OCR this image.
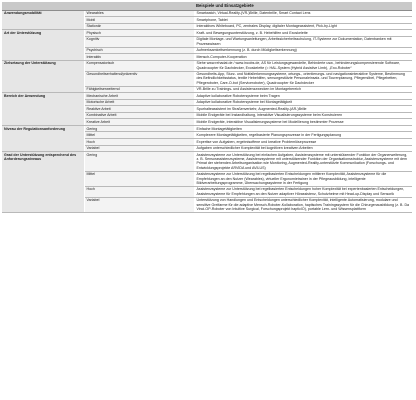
		Beispiele und Einsatzgebiete
Anwendungsmobilität	Wearables	Smartwatch, Virtual-Reality-(VR-)Brille, Datenbrille, Smart Contact Lens
	Mobil	Smartphone, Tablet
	Stationär	Interaktives Whiteboard, PC, zentrales Display, digitaler Montageassistent, Pick-by-Light
Art der Unterstützung	Physisch	Kraft- und Bewegungsunterstützung, z. B. Hebehilfen und Exoskelette
	Kognitiv	Digitale Montage- und Wartungsanleitungen, Arbeitssicherheitsschulung, IT-Systeme zur Dokumentation, Datenbanken mit Prozesswissen
	Psychisch	Aufmerksamkeitserkennung (z. B. durch Müdigkeitserkennung)
	Interaktiv	Mensch-Computer-Kooperation
Zielsetzung der Unterstützung	Kompensatorisch	Siehe www.rehadat.de / www.incobs.de, AS für Leistungsgewandelte, Behinderte usw., behinderungskompensierende Software, Quadrocopter für Dachdecker, Exoskelette (= HAL-System (Hybrid Assistive Limb), „Exo-Roboter“
	Gesundheitserhaltend/präventiv	Gesundheits-App, Sturz- und Notfallerkennungssysteme, ortungs-, orientierungs- und navigationsinteraktive Systeme, Bestimmung des Befindlichkeitsstatus, textile Hebehilfen, sensorgestützte Personaleinsatz- und Tourenplanung, Pflegemöbel, Pflegebetten, Pflegeroboter, Care-O-bot (Serviceroboter), Quadrocopter für Dachdecker
	Fähigkeitserweiternd	VR-Brille zu Trainings- und Assistenzzwecken im Montagebereich
Bereich der Anwendung	Mechanische Arbeit	Adaptive kollaborative Robotersysteme beim Tragen
	Motorische Arbeit	Adaptive kollaborative Robotersysteme bei Montagetätigkeit
	Reaktive Arbeit	Spurhalteassistent im Straßenverkehr, Augmented-Reality-(AR-)Brille
	Kombinative Arbeit	Mobile Endgeräte bei Instandhaltung, interaktive Visualisierungssysteme beim Konstruieren
	Kreative Arbeit	Mobile Endgeräte, interaktive Visualisierungssysteme bei Modellierung bestimmter Prozesse
Niveau der Regulationsanforderung	Gering	Einfache Montagetätigkeiten
	Mittel	Komplexere Montagetätigkeiten, regelbasierte Planungsprozesse in der Fertigungsplanung
	Hoch	Expertise von Aufgaben, ergebnisoffene und kreative Problemlöseprozesse
	Variabel	Aufgaben unterschiedlicher Komplexität bei kognitiven kreativen Arbeiten
Grad der Unterstützung entsprechend des Anforderungsniveaus	Gering	Assistenzsysteme zur Unterstützung bei einfachen Aufgaben, Assistenzsysteme mit unterstützender Funktion der Organerweiterung, z. B. Sensorassistenzsysteme, Assistenzsysteme mit unterstützender Funktion der Organisationsstruktur, Assistenzsysteme mit dem Primat der stehenden Arbeitsorganisation wie Monitoring, Augmented-Reality-unterstützte Kommunikation (Forschungs- und Entwicklungsprojekte ARVIDA und AVILUS)
	Mittel	Assistenzsysteme zur Unterstützung bei regelbasierten Entscheidungen mittlerer Komplexität, Assistenzsysteme für die Empfehlungen an den Nutzer (Wearables), virtueller Ergonomietrainer in der Pflegeausbildung, intelligente Bildverarbeitungsprogramme, Überwachungssysteme in der Fertigung
	Hoch	Assistenzsysteme zur Unterstützung bei regelbasierten Entscheidungen hoher Komplexität bei expertenbasierten Entscheidungen, Assistenzsysteme für Empfehlungen an den Nutzer adaptiver Hörassistenz, Schutzhelme mit Head-up-Display und Sensorik
	Variabel	Unterstützung von Handlungen und Entscheidungen unterschiedlicher Komplexität, intelligente Automatisierung, modulare und sensitive Greifarme für die adaptive Mensch-Roboter-Kollaboration, haptisches Trainingssystem für die Chirurgenausbildung (z. B. Da Vinci-OP-Roboter von Intuitive Surgical, Forschungsprojekt hapticIO), portable Lern- und Wissensplattform
